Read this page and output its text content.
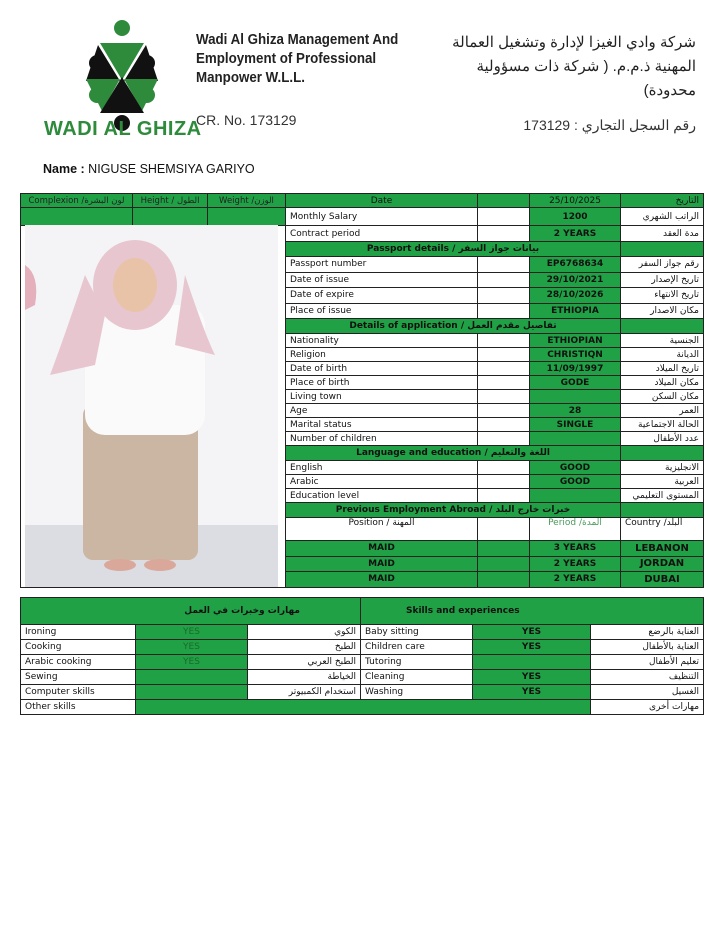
WADI AL GHIZA
Wadi Al Ghiza Management And
Employment of Professional
Manpower W.L.L.
CR. No. 173129
شركة وادي الغيزا لإدارة وتشغيل العمالة
المهنية ذ.م.م. ( شركة ذات مسؤولية
محدودة)
رقم السجل التجاري : 173129
Name : NIGUSE SHEMSIYA GARIYO
Complexion /لون البشرة	Height / الطول	Weight /الوزن
			Date		25/10/2025	التاريخ
Monthly Salary		1200	الراتب الشهري
Contract period		2 YEARS	مدة العقد
Passport details / بيانات جواز السفر			
Passport number		EP6768634	رقم جواز السفر
Date of issue		29/10/2021	تاريخ الإصدار
Date of expire		28/10/2026	تاريخ الانتهاء
Place of issue		ETHIOPIA	مكان الاصدار
Details of application / تفاصيل مقدم العمل			
Nationality		ETHIOPIAN	الجنسية
Religion		CHRISTIQN	الديانة
Date of birth		11/09/1997	تاريخ الميلاد
Place of birth		GODE	مكان الميلاد
Living town			مكان السكن
Age		28	العمر
Marital status		SINGLE	الحالة الاجتماعية
Number of children			عدد الأطفال
Language and education / اللغة والتعليم			
English		GOOD	الانجليزية
Arabic		GOOD	العربية
Education level			المستوى التعليمي
Previous Employment Abroad / خبرات خارج البلد			
Position / المهنة		Period /المدة	Country /البلد
MAID		3 YEARS	LEBANON
MAID		2 YEARS	JORDAN
MAID		2 YEARS	DUBAI
مهارات وخبرات في العمل			Skills and experiences		
Ironing	YES	الكوي	Baby sitting	YES	العناية بالرضع
Cooking	YES	الطبخ	Children care	YES	العناية بالأطفال
Arabic cooking	YES	الطبخ العربي	Tutoring		تعليم الأطفال
Sewing		الخياطة	Cleaning	YES	التنظيف
Computer skills		استخدام الكمبيوتر	Washing	YES	الغسيل
Other skills					مهارات أخرى
